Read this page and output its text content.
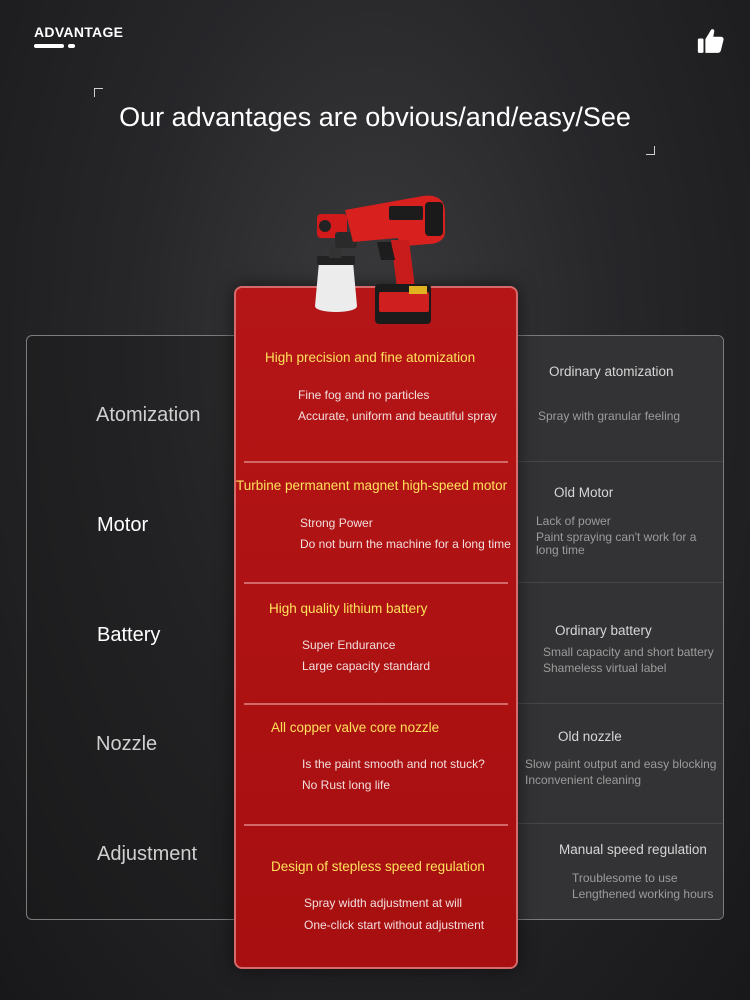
ADVANTAGE
Our advantages are obvious/and/easy/See
Atomization
Motor
Battery
Nozzle
Adjustment
High precision and fine atomization
Fine fog and no particles
Accurate, uniform and beautiful spray
Turbine permanent magnet high-speed motor
Strong Power
Do not burn the machine for a long time
High quality lithium battery
Super Endurance
Large capacity standard
All copper valve core nozzle
Is the paint smooth and not stuck?
No Rust long life
Design of stepless speed regulation
Spray width adjustment at will
One-click start without adjustment
Ordinary atomization
Spray with granular feeling
Old Motor
Lack of power
Paint spraying can't work for a long time
Ordinary battery
Small capacity and short battery
Shameless virtual label
Old nozzle
Slow paint output and easy blocking
Inconvenient cleaning
Manual speed regulation
Troublesome to use
Lengthened working hours
